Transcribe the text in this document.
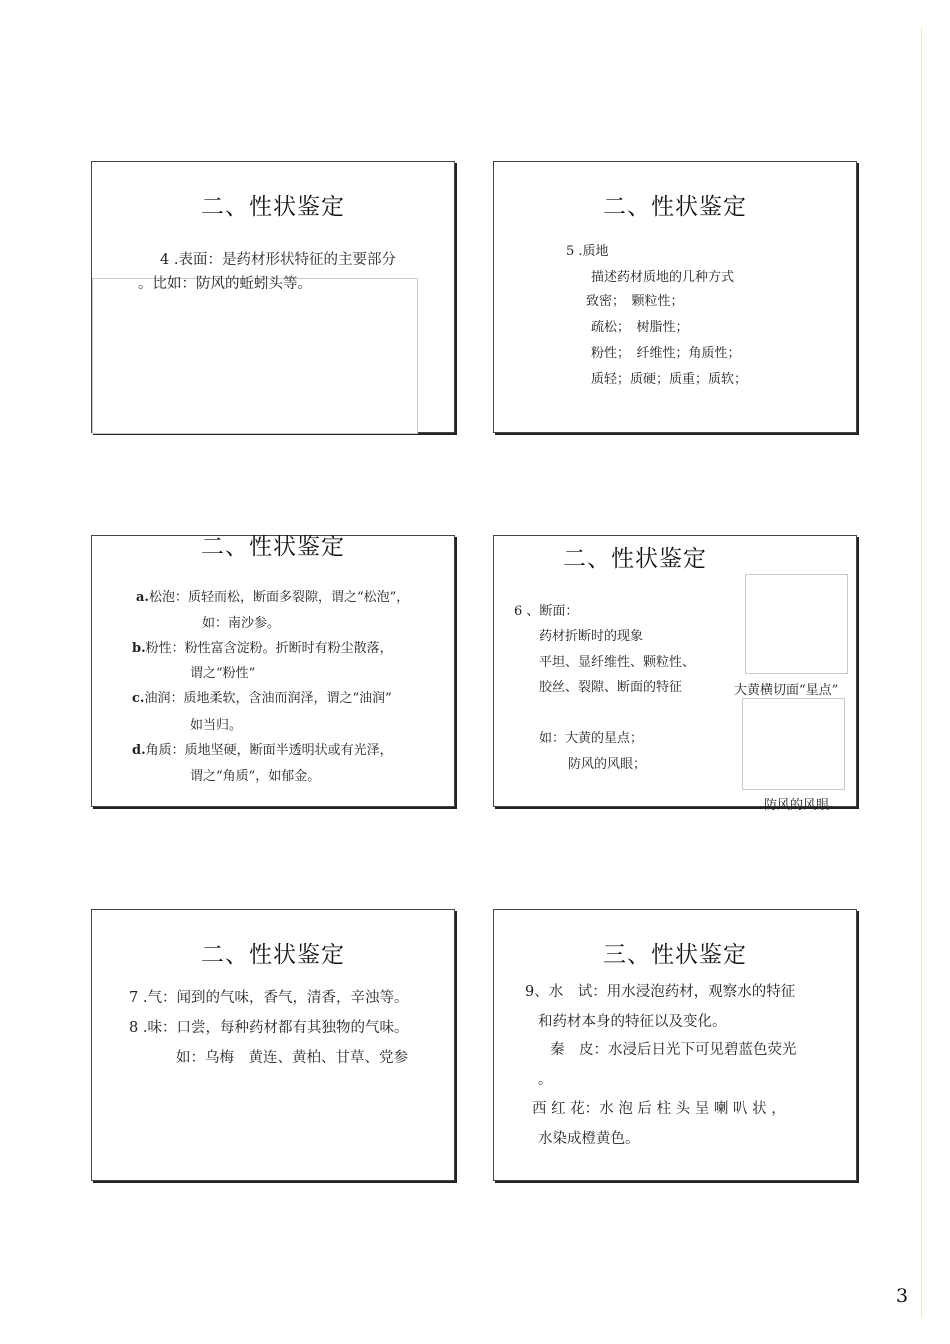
二、性状鉴定
4 .表面：是药材形状特征的主要部分
。比如：防风的蚯蚓头等。
二、性状鉴定
5 .质地
描述药材质地的几种方式
致密；　颗粒性；
疏松；　树脂性；
粉性；　纤维性；角质性；
质轻；质硬；质重；质软；
二、性状鉴定
a.松泡：质轻而松，断面多裂隙，谓之“松泡”，
如：南沙参。
b.粉性：粉性富含淀粉。折断时有粉尘散落，
谓之“粉性”
c.油润：质地柔软，含油而润泽，谓之“油润”
如当归。
d.角质：质地坚硬，断面半透明状或有光泽，
谓之“角质”，如郁金。
二、性状鉴定
6 、断面：
药材折断时的现象
平坦、显纤维性、颗粒性、
胶丝、裂隙、断面的特征
如：大黄的星点；
防风的风眼；
大黄横切面“星点”
防风的风眼
二、性状鉴定
7 .气：闻到的气味，香气，清香，辛浊等。
8 .味：口尝，每种药材都有其独物的气味。
如：乌梅　黄连、黄柏、甘草、党参
三、性状鉴定
9、水　试：用水浸泡药材，观察水的特征
和药材本身的特征以及变化。
秦　皮：水浸后日光下可见碧蓝色荧光
。
西 红 花：水 泡 后 柱 头 呈 喇 叭 状 ，
水染成橙黄色。
3
